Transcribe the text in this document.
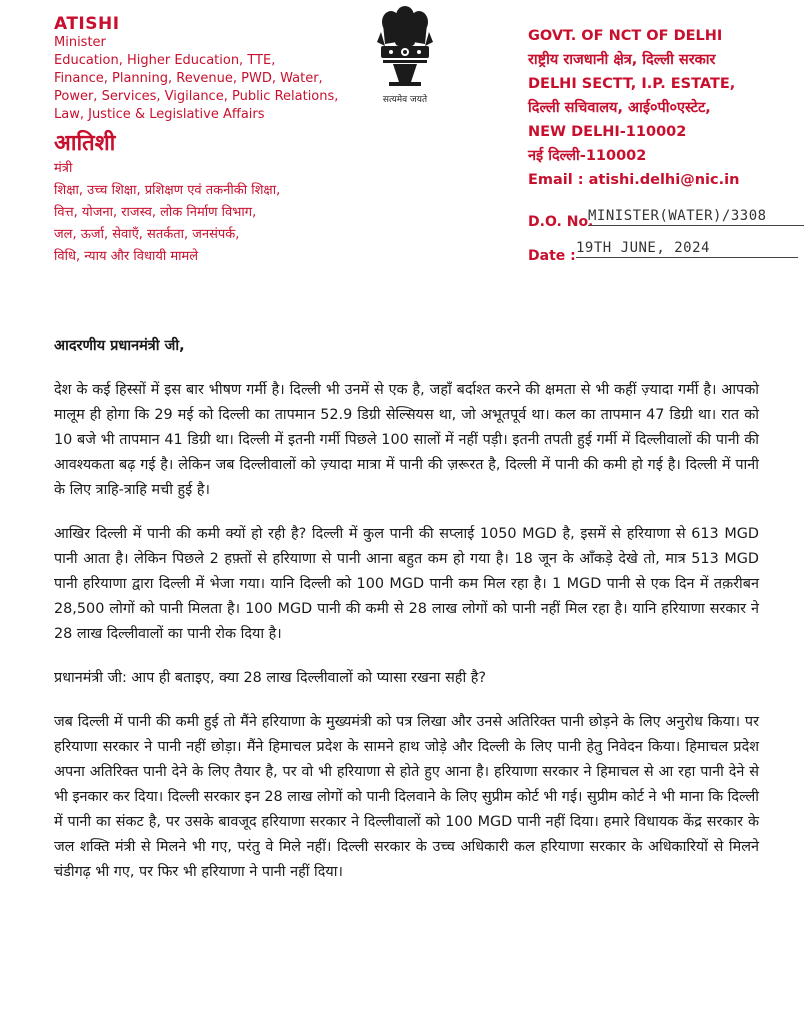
ATISHI
Minister
Education, Higher Education, TTE,
Finance, Planning, Revenue, PWD, Water,
Power, Services, Vigilance, Public Relations,
Law, Justice & Legislative Affairs
आतिशी
मंत्री
शिक्षा, उच्च शिक्षा, प्रशिक्षण एवं तकनीकी शिक्षा,
वित्त, योजना, राजस्व, लोक निर्माण विभाग,
जल, ऊर्जा, सेवाएँ, सतर्कता, जनसंपर्क,
विधि, न्याय और विधायी मामले
सत्यमेव जयते
GOVT. OF NCT OF DELHI
राष्ट्रीय राजधानी क्षेत्र, दिल्ली सरकार
DELHI SECTT, I.P. ESTATE,
दिल्ली सचिवालय, आई०पी०एस्टेट,
NEW DELHI-110002
नई दिल्ली-110002
Email : atishi.delhi@nic.in
D.O. No.
MINISTER(WATER)/3308
Date : 19TH JUNE, 2024

आदरणीय प्रधानमंत्री जी,

देश के कई हिस्सों में इस बार भीषण गर्मी है। दिल्ली भी उनमें से एक है, जहाँ बर्दाश्त करने की क्षमता से भी कहीं ज़्यादा गर्मी है। आपको मालूम ही होगा कि 29 मई को दिल्ली का तापमान 52.9 डिग्री सेल्सियस था, जो अभूतपूर्व था। कल का तापमान 47 डिग्री था। रात को 10 बजे भी तापमान 41 डिग्री था। दिल्ली में इतनी गर्मी पिछले 100 सालों में नहीं पड़ी। इतनी तपती हुई गर्मी में दिल्लीवालों की पानी की आवश्यकता बढ़ गई है। लेकिन जब दिल्लीवालों को ज़्यादा मात्रा में पानी की ज़रूरत है, दिल्ली में पानी की कमी हो गई है। दिल्ली में पानी के लिए त्राहि-त्राहि मची हुई है।

आखिर दिल्ली में पानी की कमी क्यों हो रही है? दिल्ली में कुल पानी की सप्लाई 1050 MGD है, इसमें से हरियाणा से 613 MGD पानी आता है। लेकिन पिछले 2 हफ़्तों से हरियाणा से पानी आना बहुत कम हो गया है। 18 जून के आँकड़े देखे तो, मात्र 513 MGD पानी हरियाणा द्वारा दिल्ली में भेजा गया। यानि दिल्ली को 100 MGD पानी कम मिल रहा है। 1 MGD पानी से एक दिन में तक़रीबन 28,500 लोगों को पानी मिलता है। 100 MGD पानी की कमी से 28 लाख लोगों को पानी नहीं मिल रहा है। यानि हरियाणा सरकार ने 28 लाख दिल्लीवालों का पानी रोक दिया है।

प्रधानमंत्री जी: आप ही बताइए, क्या 28 लाख दिल्लीवालों को प्यासा रखना सही है?

जब दिल्ली में पानी की कमी हुई तो मैंने हरियाणा के मुख्यमंत्री को पत्र लिखा और उनसे अतिरिक्त पानी छोड़ने के लिए अनुरोध किया। पर हरियाणा सरकार ने पानी नहीं छोड़ा। मैंने हिमाचल प्रदेश के सामने हाथ जोड़े और दिल्ली के लिए पानी हेतु निवेदन किया। हिमाचल प्रदेश अपना अतिरिक्त पानी देने के लिए तैयार है, पर वो भी हरियाणा से होते हुए आना है। हरियाणा सरकार ने हिमाचल से आ रहा पानी देने से भी इनकार कर दिया। दिल्ली सरकार इन 28 लाख लोगों को पानी दिलवाने के लिए सुप्रीम कोर्ट भी गई। सुप्रीम कोर्ट ने भी माना कि दिल्ली में पानी का संकट है, पर उसके बावजूद हरियाणा सरकार ने दिल्लीवालों को 100 MGD पानी नहीं दिया। हमारे विधायक केंद्र सरकार के जल शक्ति मंत्री से मिलने भी गए, परंतु वे मिले नहीं। दिल्ली सरकार के उच्च अधिकारी कल हरियाणा सरकार के अधिकारियों से मिलने चंडीगढ़ भी गए, पर फिर भी हरियाणा ने पानी नहीं दिया।
